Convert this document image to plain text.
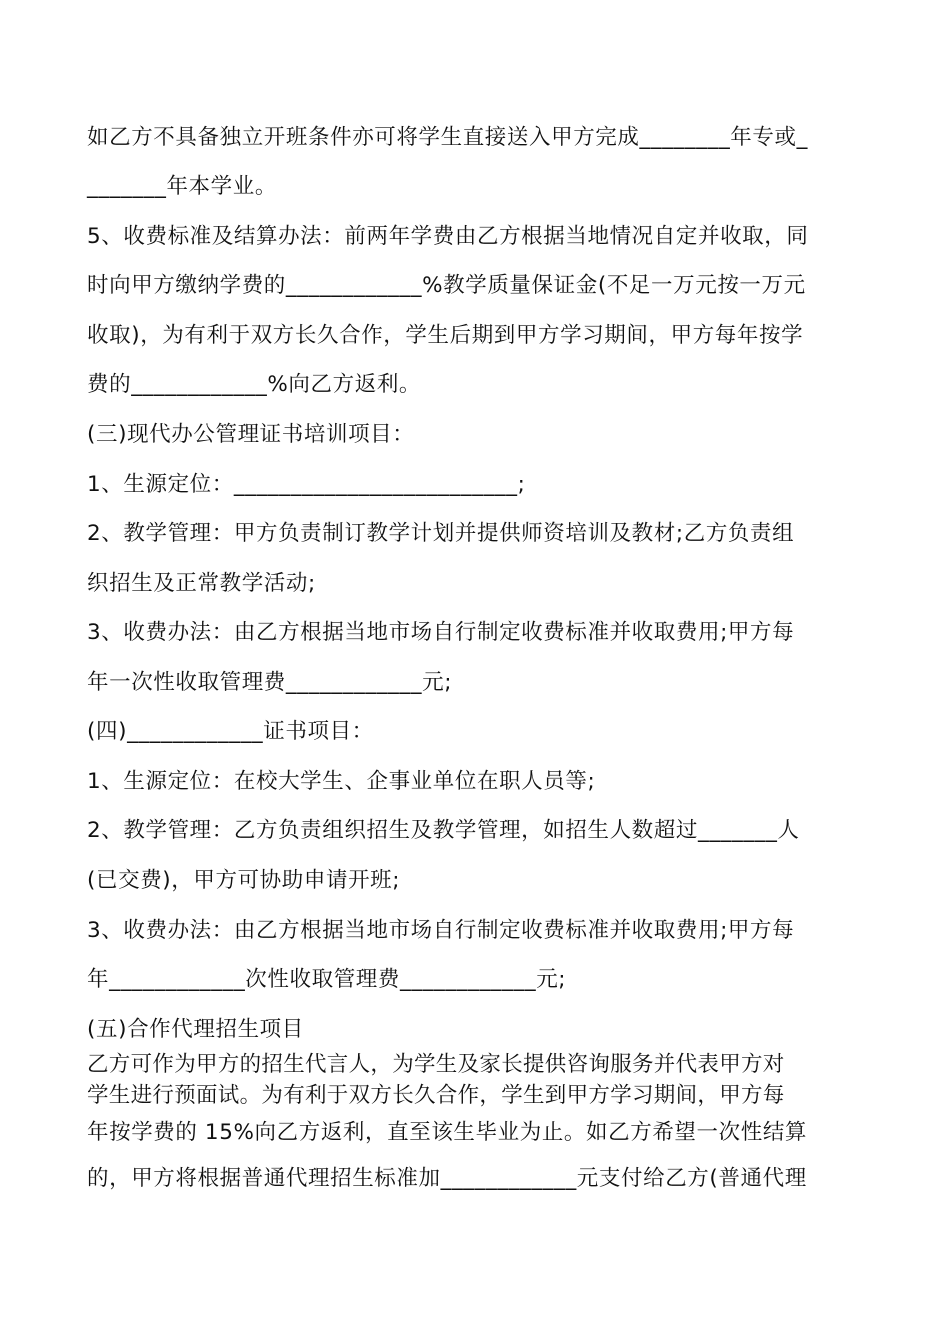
如乙方不具备独立开班条件亦可将学生直接送入甲方完成________年专或_
_______年本学业。
5、收费标准及结算办法：前两年学费由乙方根据当地情况自定并收取，同
时向甲方缴纳学费的____________%教学质量保证金(不足一万元按一万元
收取)，为有利于双方长久合作，学生后期到甲方学习期间，甲方每年按学
费的____________%向乙方返利。
(三)现代办公管理证书培训项目：
1、生源定位：_________________________;
2、教学管理：甲方负责制订教学计划并提供师资培训及教材;乙方负责组
织招生及正常教学活动;
3、收费办法：由乙方根据当地市场自行制定收费标准并收取费用;甲方每
年一次性收取管理费____________元;
(四)____________证书项目：
1、生源定位：在校大学生、企事业单位在职人员等;
2、教学管理：乙方负责组织招生及教学管理，如招生人数超过_______人
(已交费)，甲方可协助申请开班;
3、收费办法：由乙方根据当地市场自行制定收费标准并收取费用;甲方每
年____________次性收取管理费____________元;
(五)合作代理招生项目
乙方可作为甲方的招生代言人，为学生及家长提供咨询服务并代表甲方对
学生进行预面试。为有利于双方长久合作，学生到甲方学习期间，甲方每
年按学费的 15%向乙方返利，直至该生毕业为止。如乙方希望一次性结算
的，甲方将根据普通代理招生标准加____________元支付给乙方(普通代理
